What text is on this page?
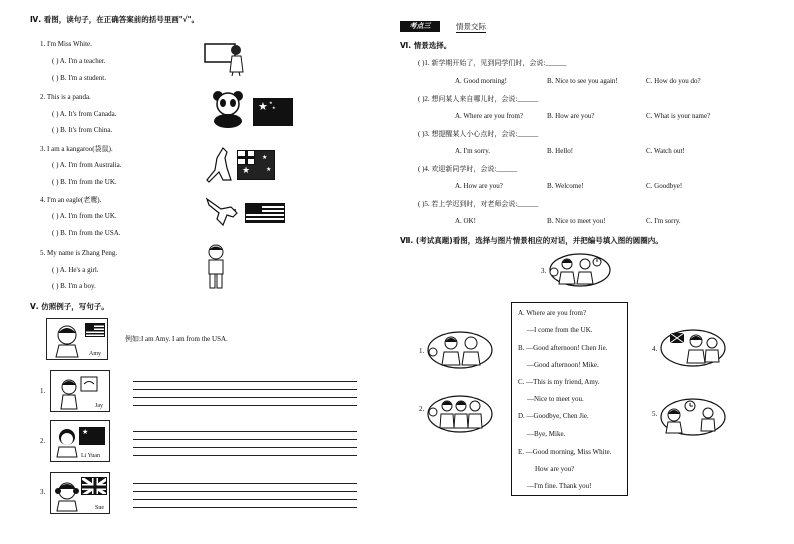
Ⅳ. 看图，读句子，在正确答案前的括号里画"√"。
1. I'm Miss White.
( ) A. I'm a teacher.
( ) B. I'm a student.
2. This is a panda.
( ) A. It's from Canada.
( ) B. It's from China.
★ ★
★
3. I am a kangaroo(袋鼠).
( ) A. I'm from Australia.
( ) B. I'm from the UK.
★
★
★
4. I'm an eagle(老鹰).
( ) A. I'm from the UK.
( ) B. I'm from the USA.
5. My name is Zhang Peng.
( ) A. He's a girl.
( ) B. I'm a boy.
Ⅴ. 仿照例子，写句子。
Amy
例如:I am Amy. I am from the USA.
1.
Jay
2.
★
Li Yuan
3.
Sue
考点三	情景交际
Ⅵ. 情景选择。
( )1. 新学期开始了，见到同学们时，会说:______
A. Good morning!	B. Nice to see you again!	C. How do you do?
( )2. 想问某人来自哪儿时，会说:______
A. Where are you from?	B. How are you?	C. What is your name?
( )3. 想提醒某人小心点时，会说:______
A. I'm sorry.	B. Hello!	C. Watch out!
( )4. 欢迎新同学时，会说:______
A. How are you?	B. Welcome!	C. Goodbye!
( )5. 若上学迟到时，对老师会说:______
A. OK!	B. Nice to meet you!	C. I'm sorry.
Ⅶ. (考试真题)看图，选择与图片情景相应的对话，并把编号填入图的圆圈内。
3.
A. Where are you from?
—I come from the UK.
B. —Good afternoon! Chen Jie.
—Good afternoon! Mike.
C. —This is my friend, Amy.
—Nice to meet you.
D. —Goodbye, Chen Jie.
—Bye, Mike.
E. —Good morning, Miss White.
How are you?
—I'm fine. Thank you!
1.
2.
4.
5.
